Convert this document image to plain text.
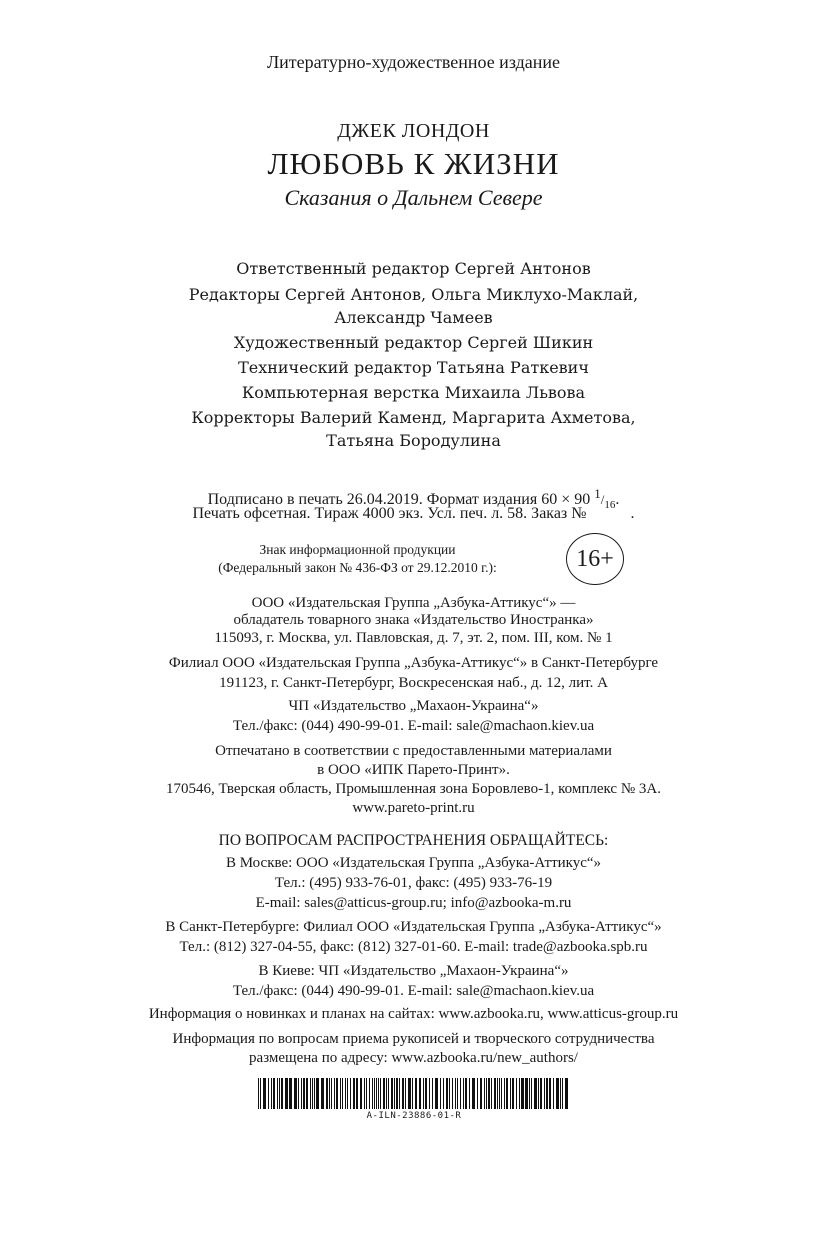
Литературно-художественное издание
ДЖЕК ЛОНДОН
ЛЮБОВЬ К ЖИЗНИ
Сказания о Дальнем Севере
Ответственный редактор Сергей Антонов
Редакторы Сергей Антонов, Ольга Миклухо-Маклай,
Александр Чамеев
Художественный редактор Сергей Шикин
Технический редактор Татьяна Раткевич
Компьютерная верстка Михаила Львова
Корректоры Валерий Каменд, Маргарита Ахметова,
Татьяна Бородулина
Подписано в печать 26.04.2019. Формат издания 60 × 90 $^1/_{16}$.
Печать офсетная. Тираж 4000 экз. Усл. печ. л. 58. Заказ №	.
Знак информационной продукции
(Федеральный закон № 436-ФЗ от 29.12.2010 г.):	16+
ООО «Издательская Группа „Азбука-Аттикус“» —
обладатель товарного знака «Издательство Иностранка»
115093, г. Москва, ул. Павловская, д. 7, эт. 2, пом. III, ком. № 1
Филиал ООО «Издательская Группа „Азбука-Аттикус“» в Санкт-Петербурге
191123, г. Санкт-Петербург, Воскресенская наб., д. 12, лит. А
ЧП «Издательство „Махаон-Украина“»
Тел./факс: (044) 490-99-01. E-mail: sale@machaon.kiev.ua
Отпечатано в соответствии с предоставленными материалами
в ООО «ИПК Парето-Принт».
170546, Тверская область, Промышленная зона Боровлево-1, комплекс № 3А.
www.pareto-print.ru
ПО ВОПРОСАМ РАСПРОСТРАНЕНИЯ ОБРАЩАЙТЕСЬ:
В Москве: ООО «Издательская Группа „Азбука-Аттикус“»
Тел.: (495) 933-76-01, факс: (495) 933-76-19
E-mail: sales@atticus-group.ru; info@azbooka-m.ru
В Санкт-Петербурге: Филиал ООО «Издательская Группа „Азбука-Аттикус“»
Тел.: (812) 327-04-55, факс: (812) 327-01-60. E-mail: trade@azbooka.spb.ru
В Киеве: ЧП «Издательство „Махаон-Украина“»
Тел./факс: (044) 490-99-01. E-mail: sale@machaon.kiev.ua
Информация о новинках и планах на сайтах: www.azbooka.ru, www.atticus-group.ru
Информация по вопросам приема рукописей и творческого сотрудничества
размещена по адресу: www.azbooka.ru/new_authors/
A-ILN-23886-01-R
